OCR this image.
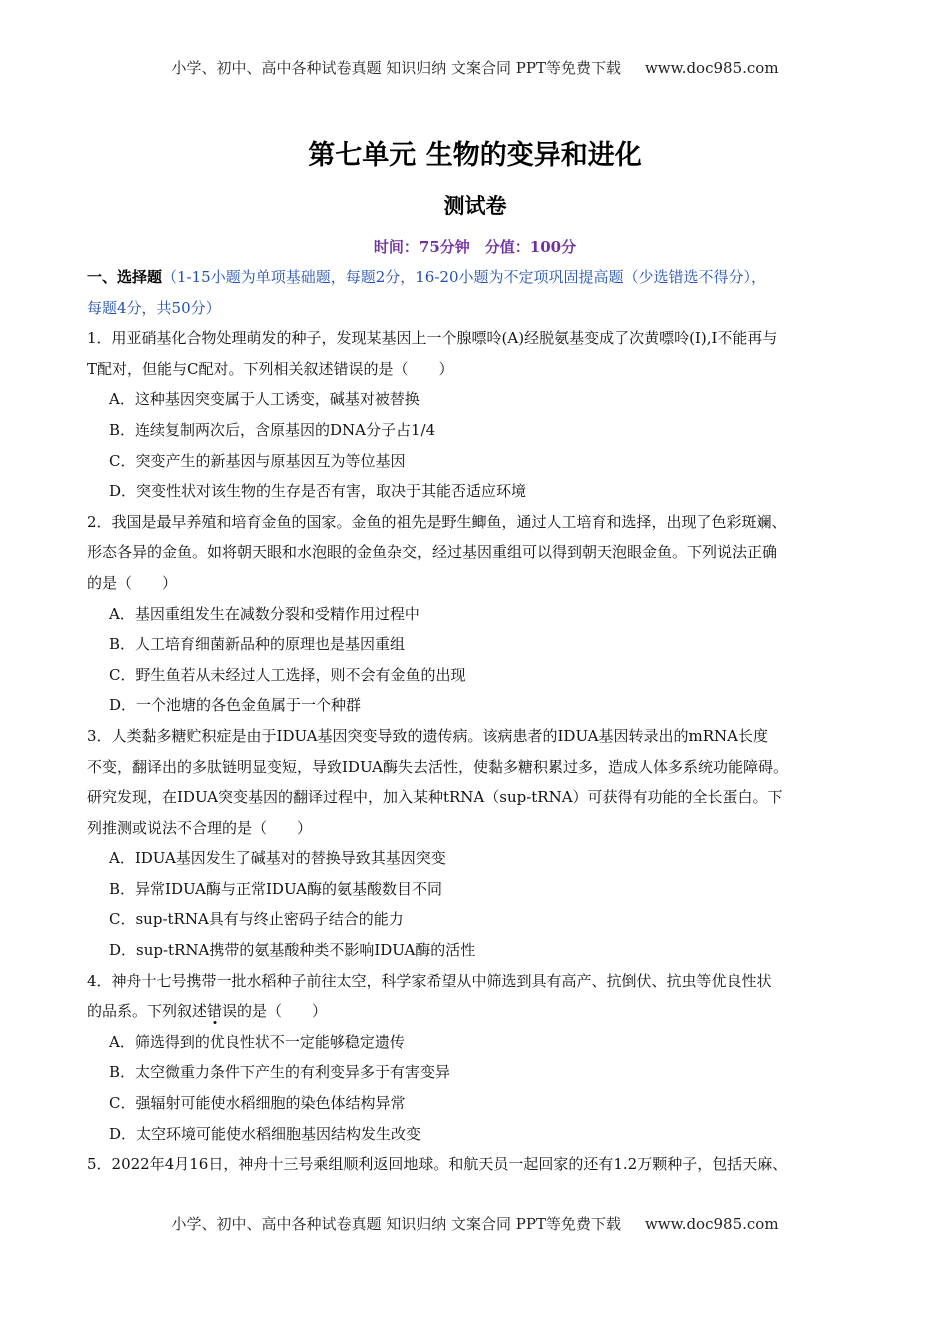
小学、初中、高中各种试卷真题 知识归纳 文案合同 PPT等免费下载 www.doc985.com
第七单元 生物的变异和进化
测试卷
时间：75分钟　分值：100分
一、选择题（1-15小题为单项基础题，每题2分，16-20小题为不定项巩固提高题（少选错选不得分），
每题4分，共50分）
1．用亚硝基化合物处理萌发的种子，发现某基因上一个腺嘌呤(A)经脱氨基变成了次黄嘌呤(I),I不能再与
T配对，但能与C配对。下列相关叙述错误的是（　　）
A．这种基因突变属于人工诱变，碱基对被替换
B．连续复制两次后，含原基因的DNA分子占1/4
C．突变产生的新基因与原基因互为等位基因
D．突变性状对该生物的生存是否有害，取决于其能否适应环境
2．我国是最早养殖和培育金鱼的国家。金鱼的祖先是野生鲫鱼，通过人工培育和选择，出现了色彩斑斓、
形态各异的金鱼。如将朝天眼和水泡眼的金鱼杂交，经过基因重组可以得到朝天泡眼金鱼。下列说法正确
的是（　　）
A．基因重组发生在减数分裂和受精作用过程中
B．人工培育细菌新品种的原理也是基因重组
C．野生鱼若从未经过人工选择，则不会有金鱼的出现
D．一个池塘的各色金鱼属于一个种群
3．人类黏多糖贮积症是由于IDUA基因突变导致的遗传病。该病患者的IDUA基因转录出的mRNA长度
不变，翻译出的多肽链明显变短，导致IDUA酶失去活性，使黏多糖积累过多，造成人体多系统功能障碍。
研究发现，在IDUA突变基因的翻译过程中，加入某种tRNA（sup-tRNA）可获得有功能的全长蛋白。下
列推测或说法不合理的是（　　）
A．IDUA基因发生了碱基对的替换导致其基因突变
B．异常IDUA酶与正常IDUA酶的氨基酸数目不同
C．sup-tRNA具有与终止密码子结合的能力
D．sup-tRNA携带的氨基酸种类不影响IDUA酶的活性
4．神舟十七号携带一批水稻种子前往太空，科学家希望从中筛选到具有高产、抗倒伏、抗虫等优良性状
的品系。下列叙述错误的是（　　）
A．筛选得到的优良性状不一定能够稳定遗传
B．太空微重力条件下产生的有利变异多于有害变异
C．强辐射可能使水稻细胞的染色体结构异常
D．太空环境可能使水稻细胞基因结构发生改变
5．2022年4月16日，神舟十三号乘组顺利返回地球。和航天员一起回家的还有1.2万颗种子，包括天麻、
小学、初中、高中各种试卷真题 知识归纳 文案合同 PPT等免费下载 www.doc985.com
